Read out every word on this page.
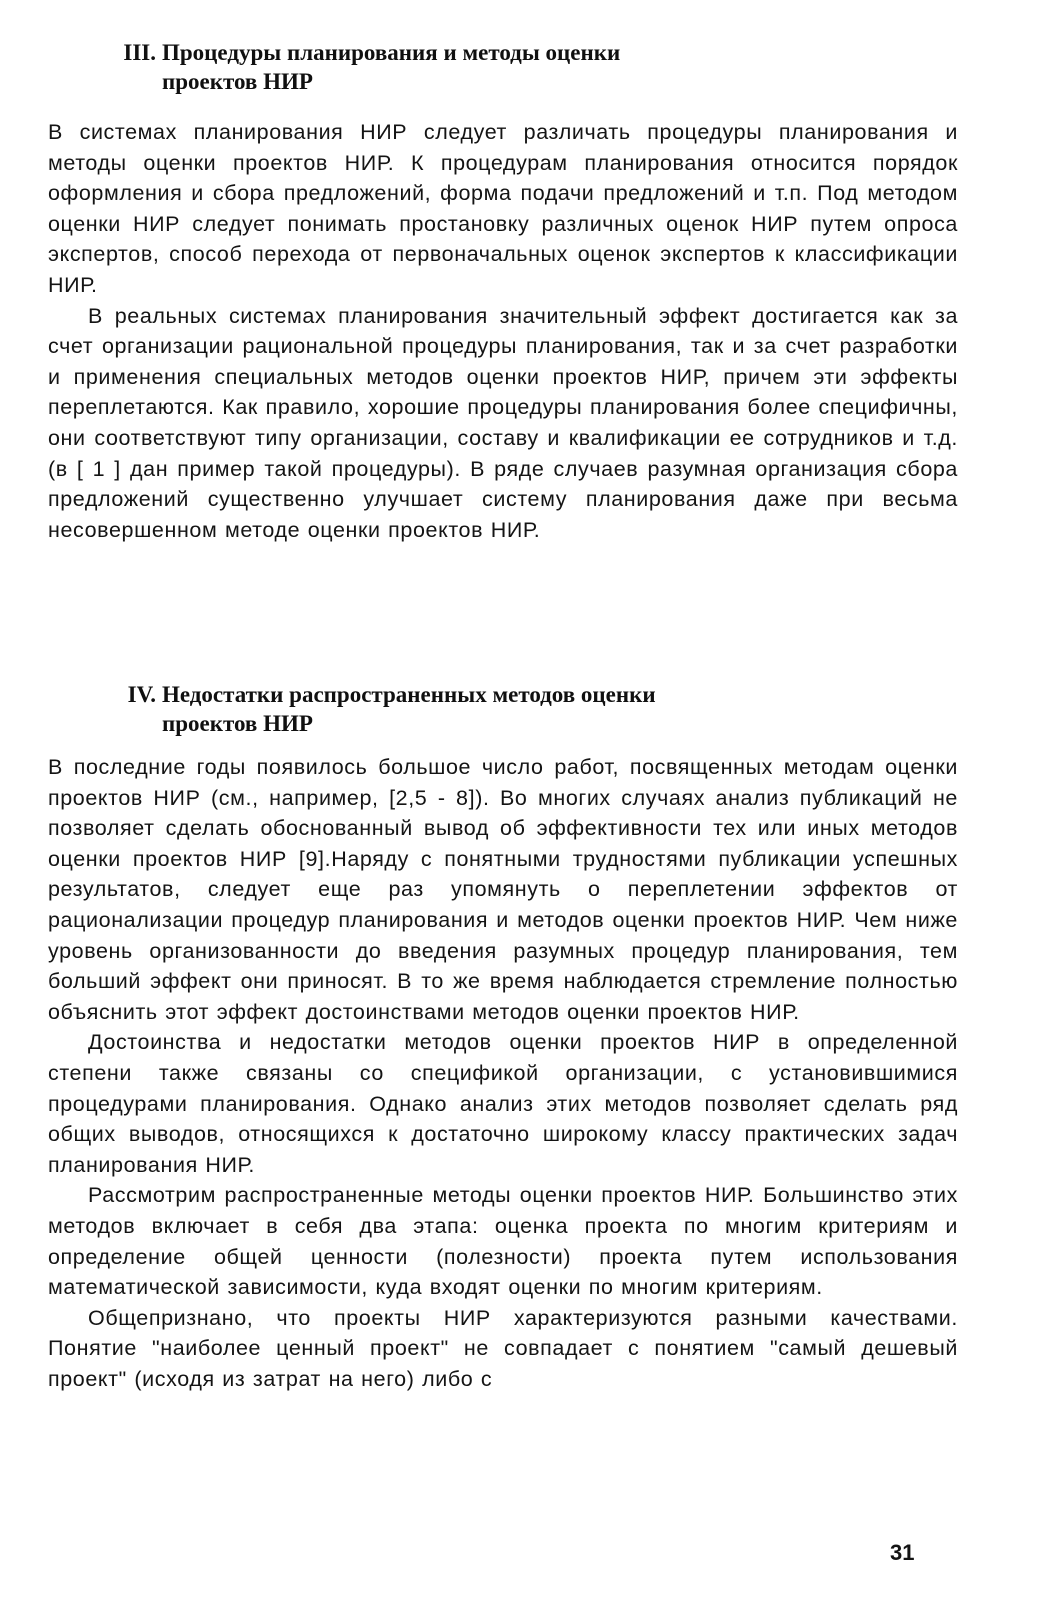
III. Процедуры планирования и методы оценки
проектов НИР

В системах планирования НИР следует различать процедуры планирования и методы оценки проектов НИР. К процедурам планирования относится порядок оформления и сбора предложений, форма подачи предложений и т.п. Под методом оценки НИР следует понимать простановку различных оценок НИР путем опроса экспертов, способ перехода от первоначальных оценок экспертов к классификации НИР.

В реальных системах планирования значительный эффект достигается как за счет организации рациональной процедуры планирования, так и за счет разработки и применения специальных методов оценки проектов НИР, причем эти эффекты переплетаются. Как правило, хорошие процедуры планирования более специфичны, они соответствуют типу организации, составу и квалификации ее сотрудников и т.д. (в [ 1 ] дан пример такой процедуры). В ряде случаев разумная организация сбора предложений существенно улучшает систему планирования даже при весьма несовершенном методе оценки проектов НИР.

IV. Недостатки распространенных методов оценки
проектов НИР

В последние годы появилось большое число работ, посвященных методам оценки проектов НИР (см., например, [2,5 - 8]). Во многих случаях анализ публикаций не позволяет сделать обоснованный вывод об эффективности тех или иных методов оценки проектов НИР [9].Наряду с понятными трудностями публикации успешных результатов, следует еще раз упомянуть о переплетении эффектов от рационализации процедур планирования и методов оценки проектов НИР. Чем ниже уровень организованности до введения разумных процедур планирования, тем больший эффект они приносят. В то же время наблюдается стремление полностью объяснить этот эффект достоинствами методов оценки проектов НИР.

Достоинства и недостатки методов оценки проектов НИР в определенной степени также связаны со спецификой организации, с установившимися процедурами планирования. Однако анализ этих методов позволяет сделать ряд общих выводов, относящихся к достаточно широкому классу практических задач планирования НИР.

Рассмотрим распространенные методы оценки проектов НИР. Большинство этих методов включает в себя два этапа: оценка проекта по многим критериям и определение общей ценности (полезности) проекта путем использования математической зависимости, куда входят оценки по многим критериям.

Общепризнано, что проекты НИР характеризуются разными качествами. Понятие "наиболее ценный проект" не совпадает с понятием "самый дешевый проект" (исходя из затрат на него) либо с

31
